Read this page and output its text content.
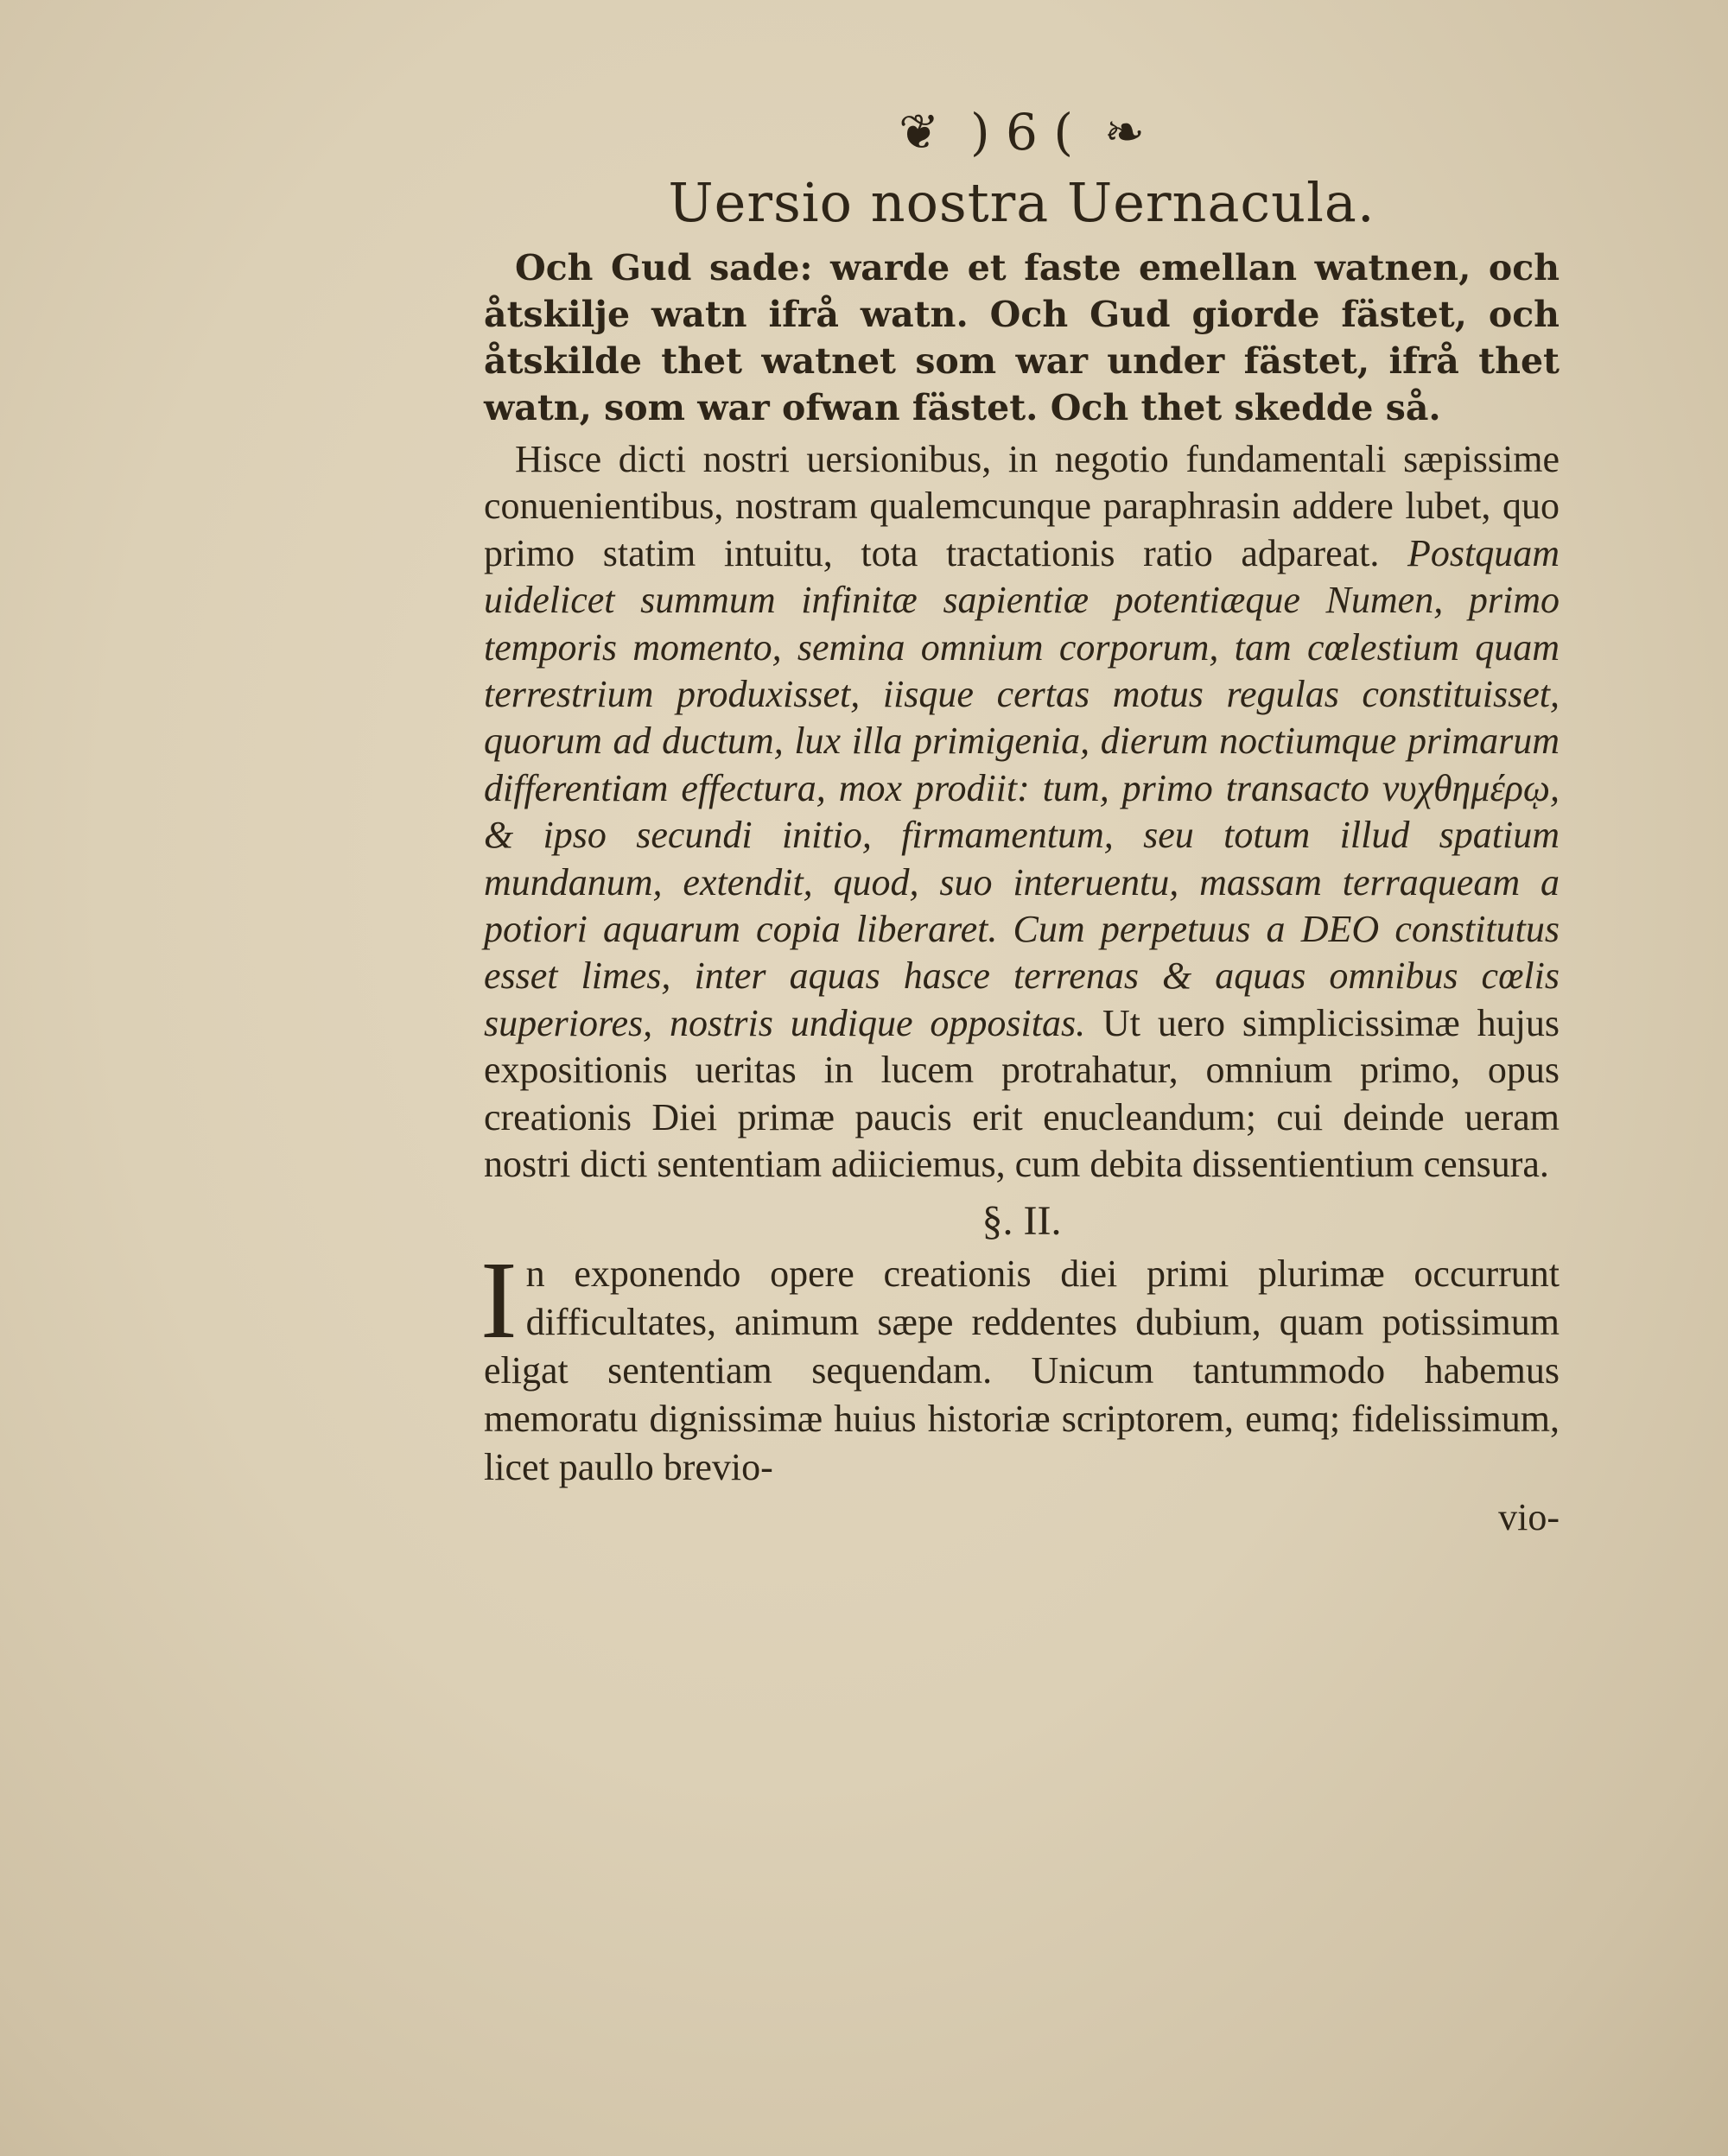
❦ ) 6 ( ❧
Uersio nostra Uernacula.

Och Gud sade: warde et faste emellan watnen, och åtskilje watn ifrå watn. Och Gud giorde fästet, och åtskilde thet watnet som war under fästet, ifrå thet watn, som war ofwan fästet. Och thet skedde så.

Hisce dicti nostri uersionibus, in negotio fundamentali sæpissime conuenientibus, nostram qualemcunque paraphrasin addere lubet, quo primo statim intuitu, tota tractationis ratio adpareat. Postquam uidelicet summum infinitæ sapientiæ potentiæque Numen, primo temporis momento, semina omnium corporum, tam cœlestium quam terrestrium produxisset, iisque certas motus regulas constituisset, quorum ad ductum, lux illa primigenia, dierum noctiumque primarum differentiam effectura, mox prodiit: tum, primo transacto νυχθημέρῳ, & ipso secundi initio, firmamentum, seu totum illud spatium mundanum, extendit, quod, suo interuentu, massam terraqueam a potiori aquarum copia liberaret. Cum perpetuus a DEO constitutus esset limes, inter aquas hasce terrenas & aquas omnibus cœlis superiores, nostris undique oppositas. Ut uero simplicissimæ hujus expositionis ueritas in lucem protrahatur, omnium primo, opus creationis Diei primæ paucis erit enucleandum; cui deinde ueram nostri dicti sententiam adiiciemus, cum debita dissentientium censura.

§. II.

I n exponendo opere creationis diei primi plurimæ occurrunt difficultates, animum sæpe reddentes dubium, quam potissimum eligat sententiam sequendam. Unicum tantummodo habemus memoratu dignissimæ huius historiæ scriptorem, eumq; fidelissimum, licet paullo brevio-

vio-
